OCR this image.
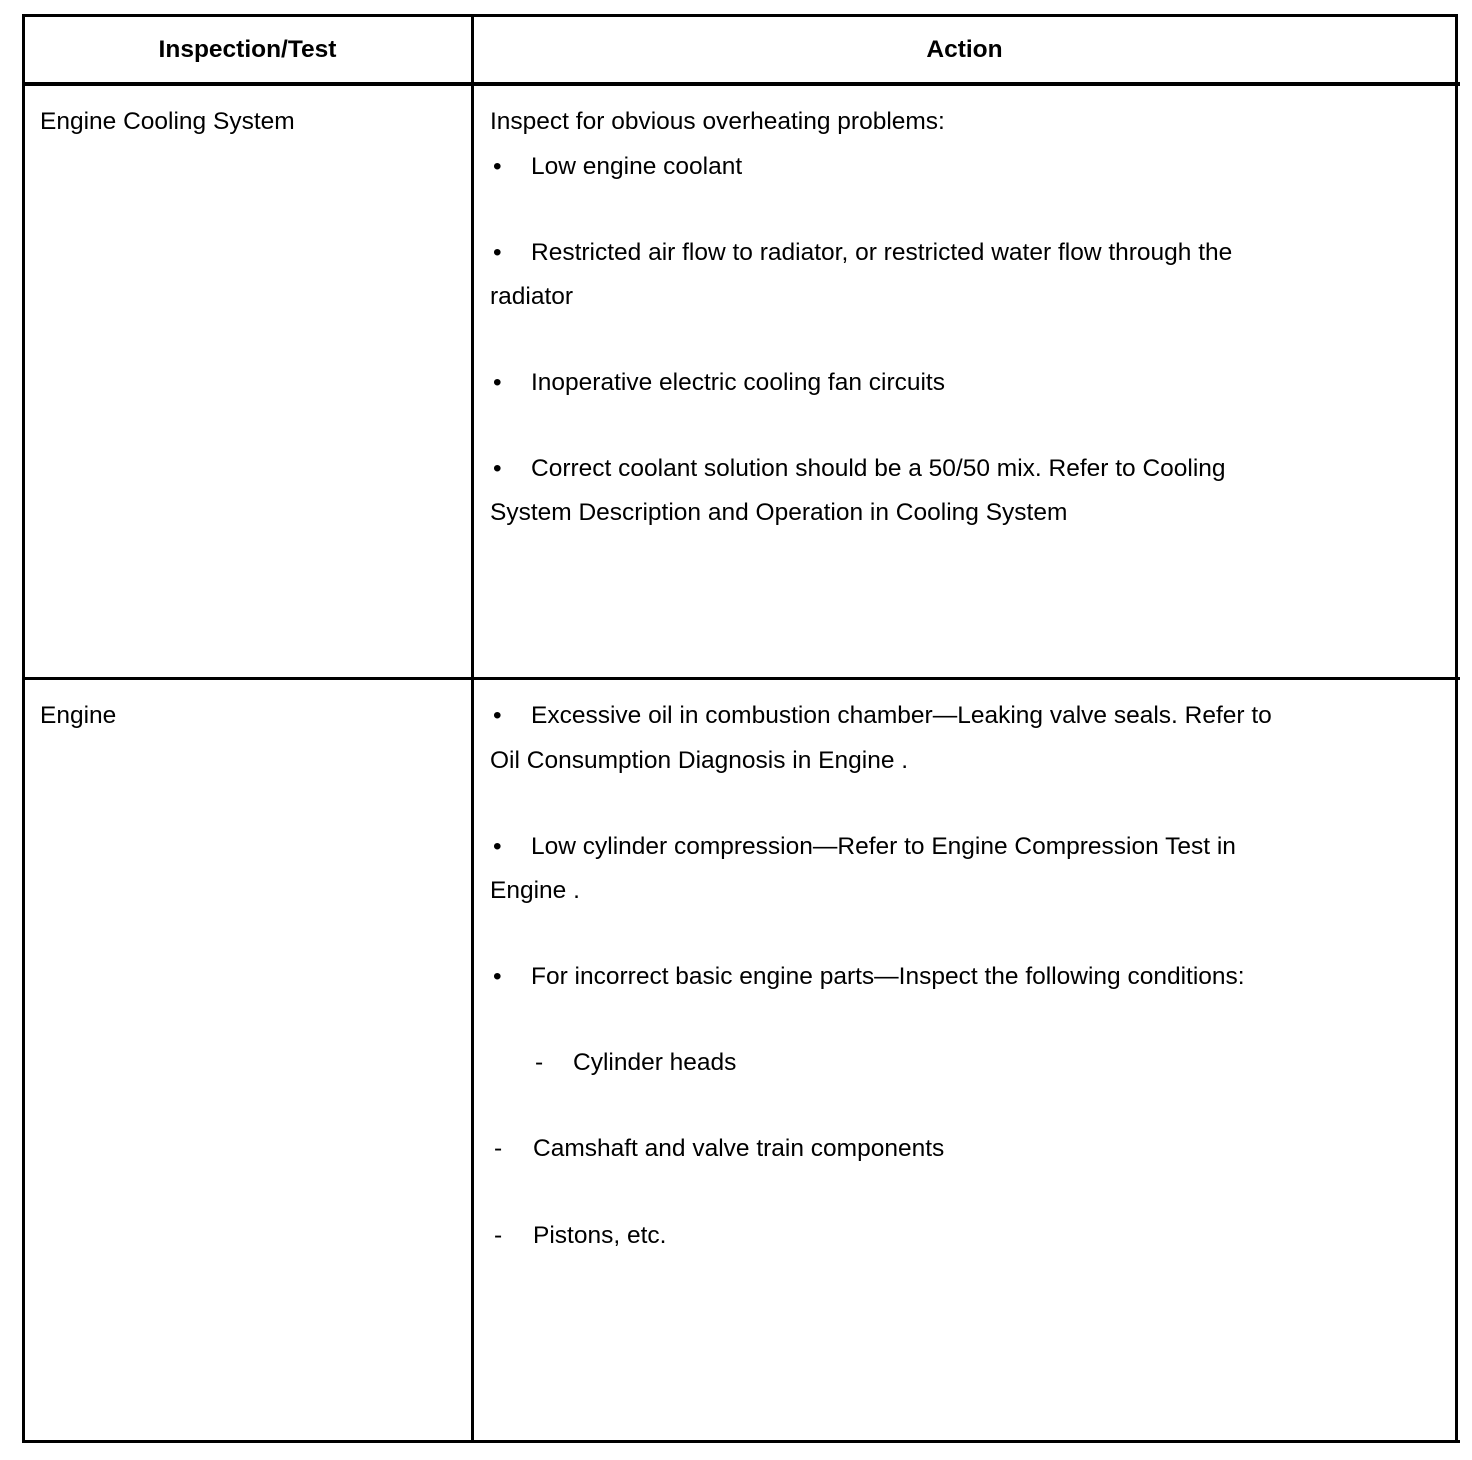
Inspection/Test	Action
Engine Cooling System	Inspect for obvious overheating problems:
• Low engine coolant
• Restricted air flow to radiator, or restricted water flow through the
radiator
• Inoperative electric cooling fan circuits
• Correct coolant solution should be a 50/50 mix. Refer to Cooling
System Description and Operation in Cooling System
Engine	• Excessive oil in combustion chamber—Leaking valve seals. Refer to
Oil Consumption Diagnosis in Engine .
• Low cylinder compression—Refer to Engine Compression Test in
Engine .
• For incorrect basic engine parts—Inspect the following conditions:
- Cylinder heads
- Camshaft and valve train components
- Pistons, etc.
